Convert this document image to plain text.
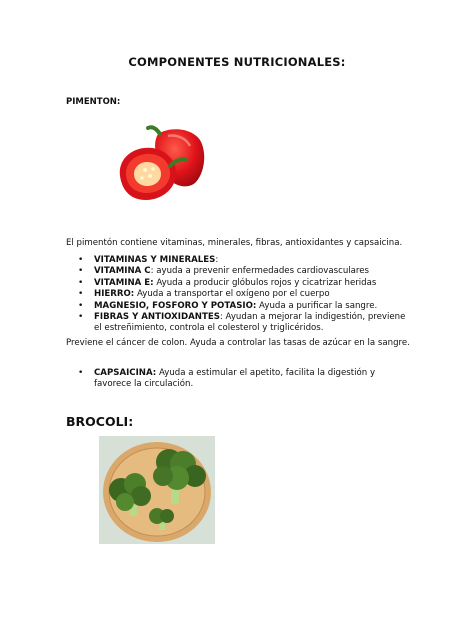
COMPONENTES NUTRICIONALES:
PIMENTON:
El pimentón contiene vitaminas, minerales, fibras, antioxidantes y capsaicina.
• VITAMINAS Y MINERALES:
• VITAMINA C: ayuda a prevenir enfermedades cardiovasculares
• VITAMINA E: Ayuda a producir glóbulos rojos y cicatrizar heridas
• HIERRO: Ayuda a transportar el oxígeno por el cuerpo
• MAGNESIO, FOSFORO Y POTASIO: Ayuda a purificar la sangre.
• FIBRAS Y ANTIOXIDANTES: Ayudan a mejorar la indigestión, previene el estreñimiento, controla el colesterol y triglicéridos.
Previene el cáncer de colon. Ayuda a controlar las tasas de azúcar en la sangre.
• CAPSAICINA: Ayuda a estimular el apetito, facilita la digestión y favorece la circulación.
BROCOLI:
